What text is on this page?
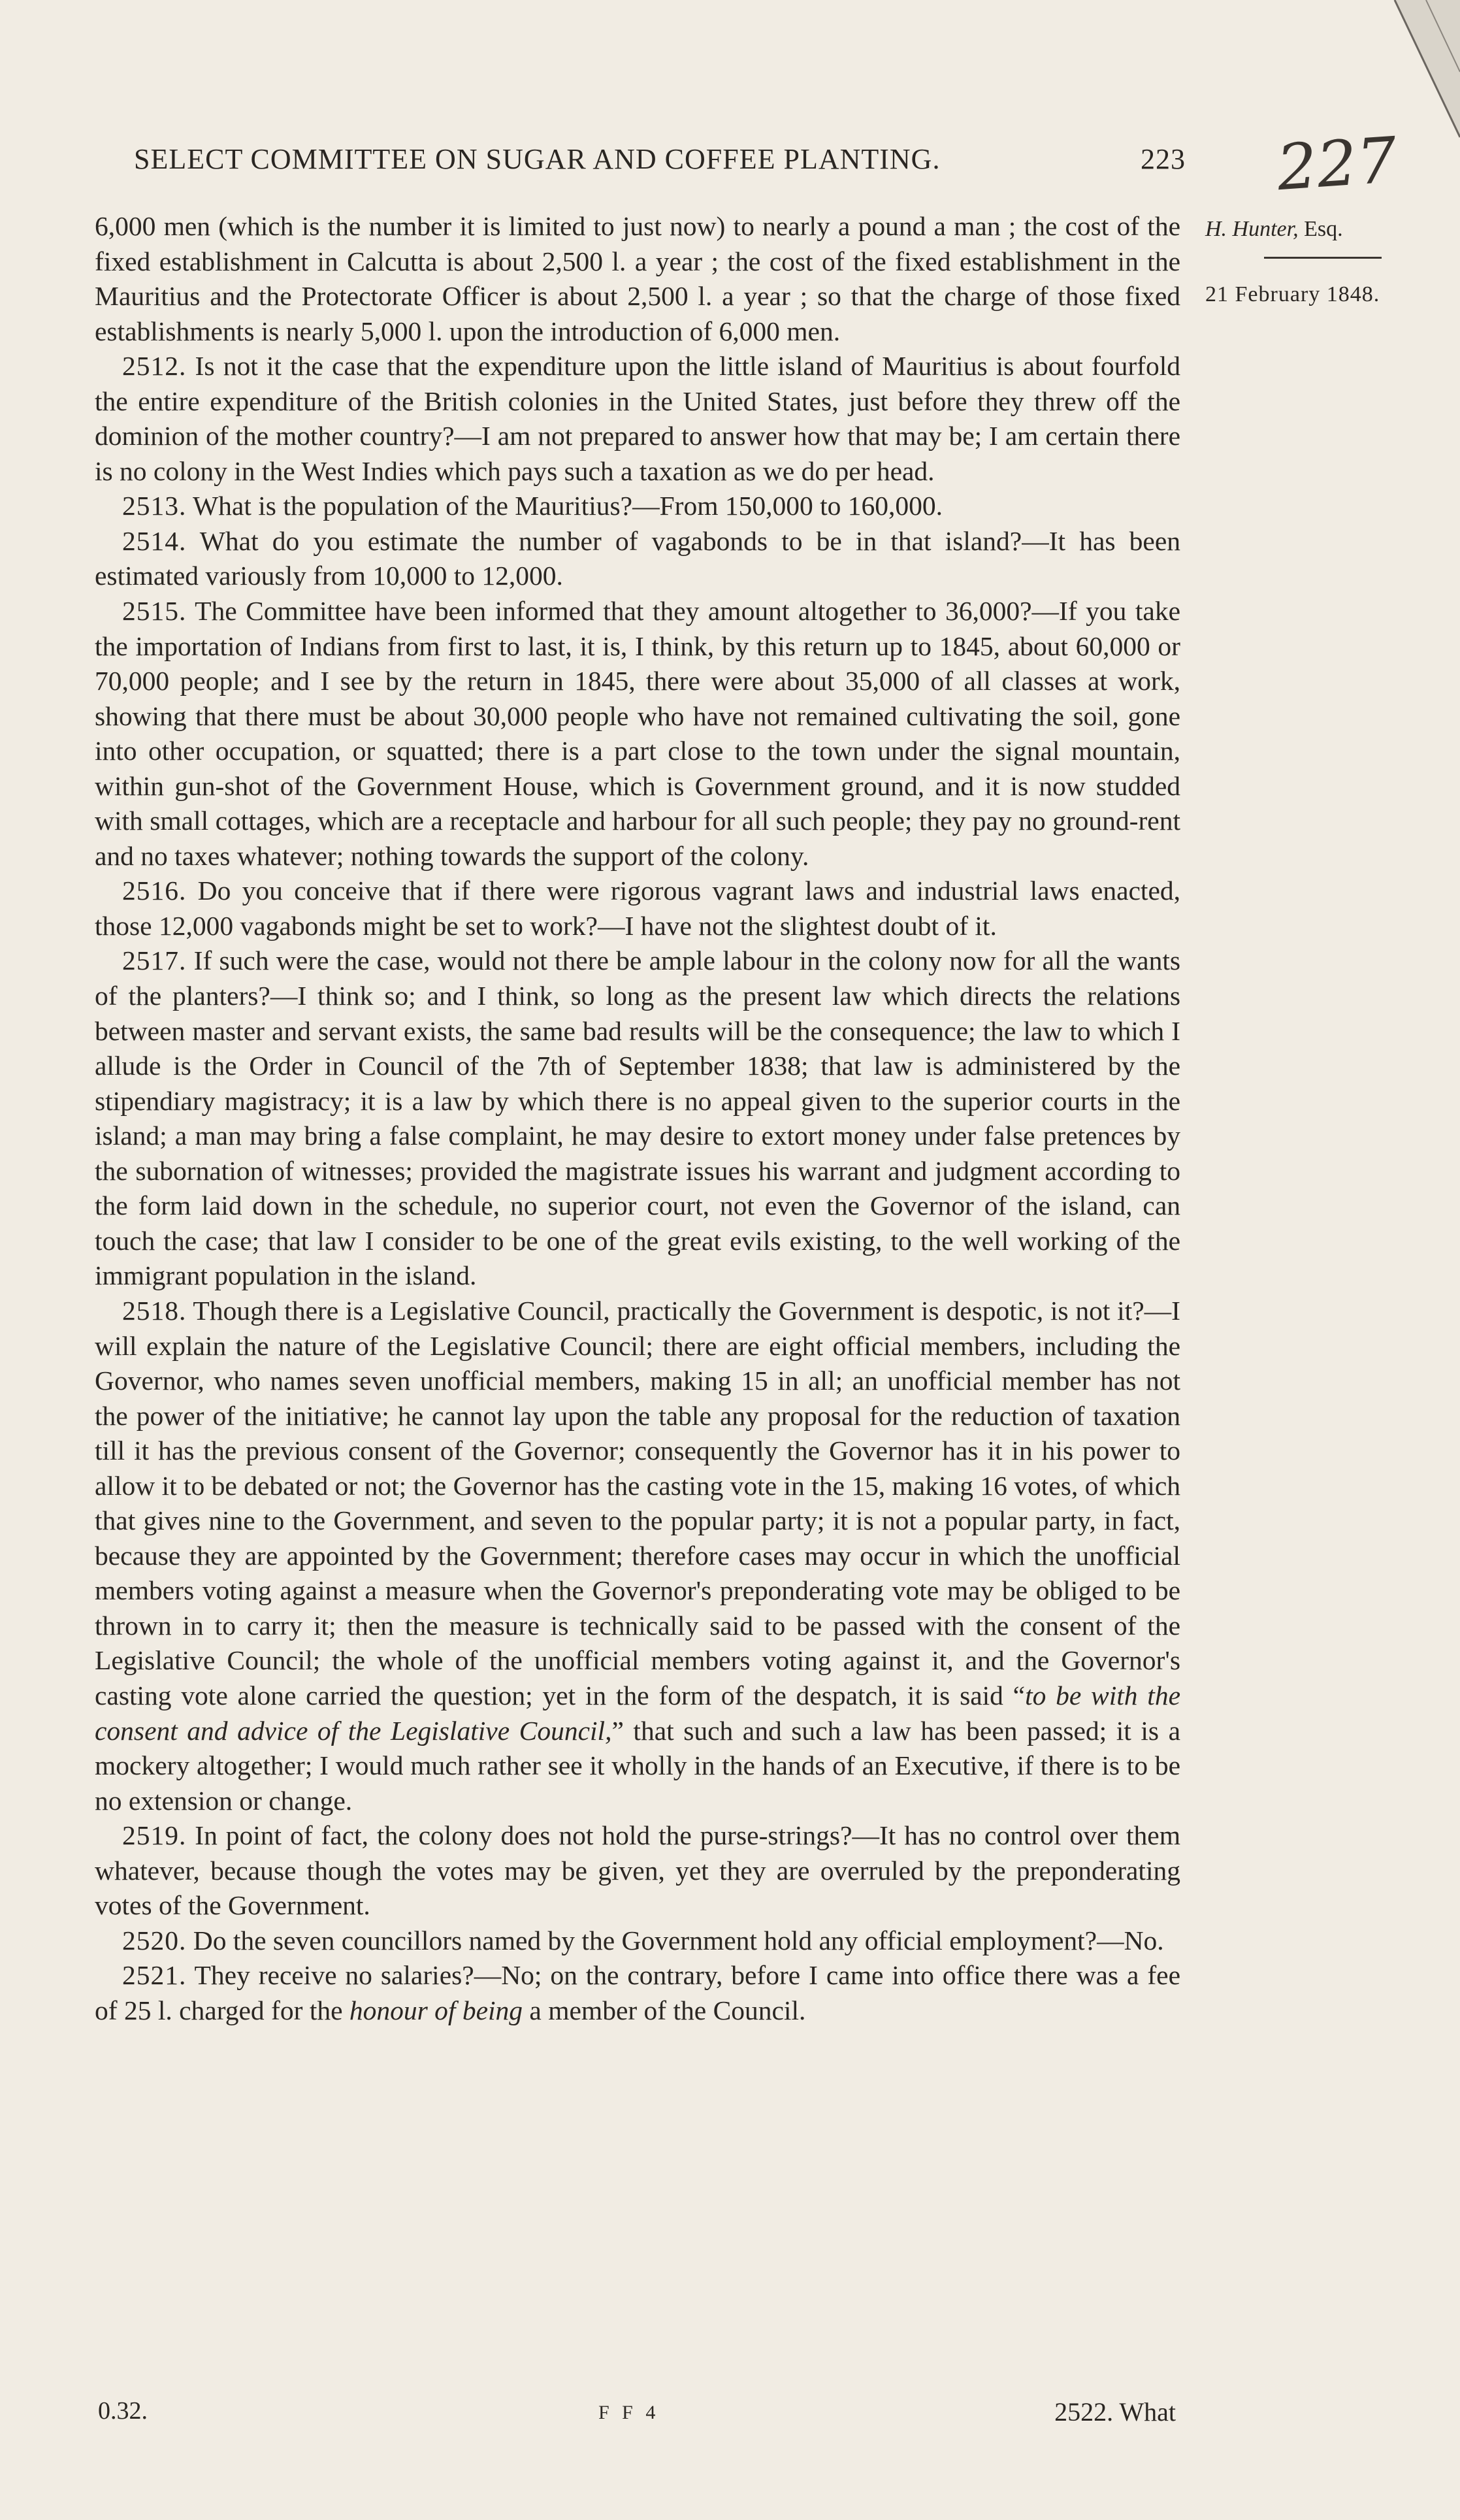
SELECT COMMITTEE ON SUGAR AND COFFEE PLANTING.	223 227
H. Hunter, Esq.
21 February 1848.

6,000 men (which is the number it is limited to just now) to nearly a pound a man ; the cost of the fixed establishment in Calcutta is about 2,500 l. a year ; the cost of the fixed establishment in the Mauritius and the Protectorate Officer is about 2,500 l. a year ; so that the charge of those fixed establishments is nearly 5,000 l. upon the introduction of 6,000 men.

2512. Is not it the case that the expenditure upon the little island of Mauritius is about fourfold the entire expenditure of the British colonies in the United States, just before they threw off the dominion of the mother country?—I am not prepared to answer how that may be; I am certain there is no colony in the West Indies which pays such a taxation as we do per head.

2513. What is the population of the Mauritius?—From 150,000 to 160,000.

2514. What do you estimate the number of vagabonds to be in that island?—It has been estimated variously from 10,000 to 12,000.

2515. The Committee have been informed that they amount altogether to 36,000?—If you take the importation of Indians from first to last, it is, I think, by this return up to 1845, about 60,000 or 70,000 people; and I see by the return in 1845, there were about 35,000 of all classes at work, showing that there must be about 30,000 people who have not remained cultivating the soil, gone into other occupation, or squatted; there is a part close to the town under the signal mountain, within gun-shot of the Government House, which is Government ground, and it is now studded with small cottages, which are a receptacle and harbour for all such people; they pay no ground-rent and no taxes whatever; nothing towards the support of the colony.

2516. Do you conceive that if there were rigorous vagrant laws and industrial laws enacted, those 12,000 vagabonds might be set to work?—I have not the slightest doubt of it.

2517. If such were the case, would not there be ample labour in the colony now for all the wants of the planters?—I think so; and I think, so long as the present law which directs the relations between master and servant exists, the same bad results will be the consequence; the law to which I allude is the Order in Council of the 7th of September 1838; that law is administered by the stipendiary magistracy; it is a law by which there is no appeal given to the superior courts in the island; a man may bring a false complaint, he may desire to extort money under false pretences by the subornation of witnesses; provided the magistrate issues his warrant and judgment according to the form laid down in the schedule, no superior court, not even the Governor of the island, can touch the case; that law I consider to be one of the great evils existing, to the well working of the immigrant population in the island.

2518. Though there is a Legislative Council, practically the Government is despotic, is not it?—I will explain the nature of the Legislative Council; there are eight official members, including the Governor, who names seven unofficial members, making 15 in all; an unofficial member has not the power of the initiative; he cannot lay upon the table any proposal for the reduction of taxation till it has the previous consent of the Governor; consequently the Governor has it in his power to allow it to be debated or not; the Governor has the casting vote in the 15, making 16 votes, of which that gives nine to the Government, and seven to the popular party; it is not a popular party, in fact, because they are appointed by the Government; therefore cases may occur in which the unofficial members voting against a measure when the Governor's preponderating vote may be obliged to be thrown in to carry it; then the measure is technically said to be passed with the consent of the Legislative Council; the whole of the unofficial members voting against it, and the Governor's casting vote alone carried the question; yet in the form of the despatch, it is said “to be with the consent and advice of the Legislative Council,” that such and such a law has been passed; it is a mockery altogether; I would much rather see it wholly in the hands of an Executive, if there is to be no extension or change.

2519. In point of fact, the colony does not hold the purse-strings?—It has no control over them whatever, because though the votes may be given, yet they are overruled by the preponderating votes of the Government.

2520. Do the seven councillors named by the Government hold any official employment?—No.

2521. They receive no salaries?—No; on the contrary, before I came into office there was a fee of 25 l. charged for the honour of being a member of the Council.

0.32.	F F 4	2522. What
